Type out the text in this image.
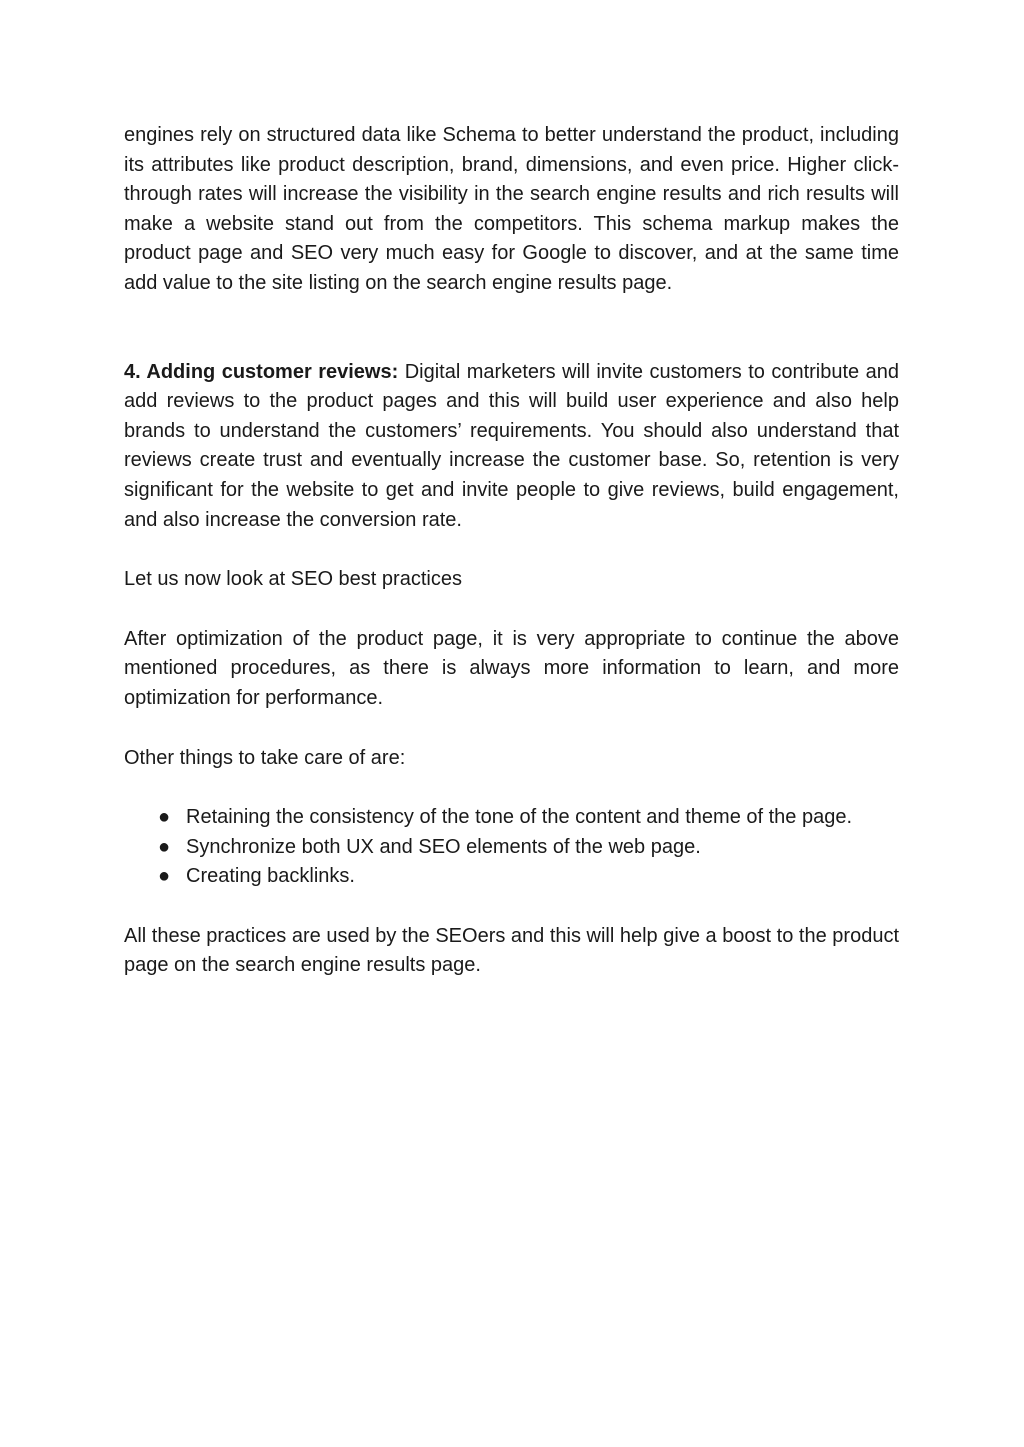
engines rely on structured data like Schema to better understand the product, including its attributes like product description, brand, dimensions, and even price. Higher click-through rates will increase the visibility in the search engine results and rich results will make a website stand out from the competitors. This schema markup makes the product page and SEO very much easy for Google to discover, and at the same time add value to the site listing on the search engine results page.

4. Adding customer reviews: Digital marketers will invite customers to contribute and add reviews to the product pages and this will build user experience and also help brands to understand the customers’ requirements. You should also understand that reviews create trust and eventually increase the customer base. So, retention is very significant for the website to get and invite people to give reviews, build engagement, and also increase the conversion rate.

Let us now look at SEO best practices

After optimization of the product page, it is very appropriate to continue the above mentioned procedures, as there is always more information to learn, and more optimization for performance.

Other things to take care of are:

● Retaining the consistency of the tone of the content and theme of the page.
● Synchronize both UX and SEO elements of the web page.
● Creating backlinks.

All these practices are used by the SEOers and this will help give a boost to the product page on the search engine results page.
